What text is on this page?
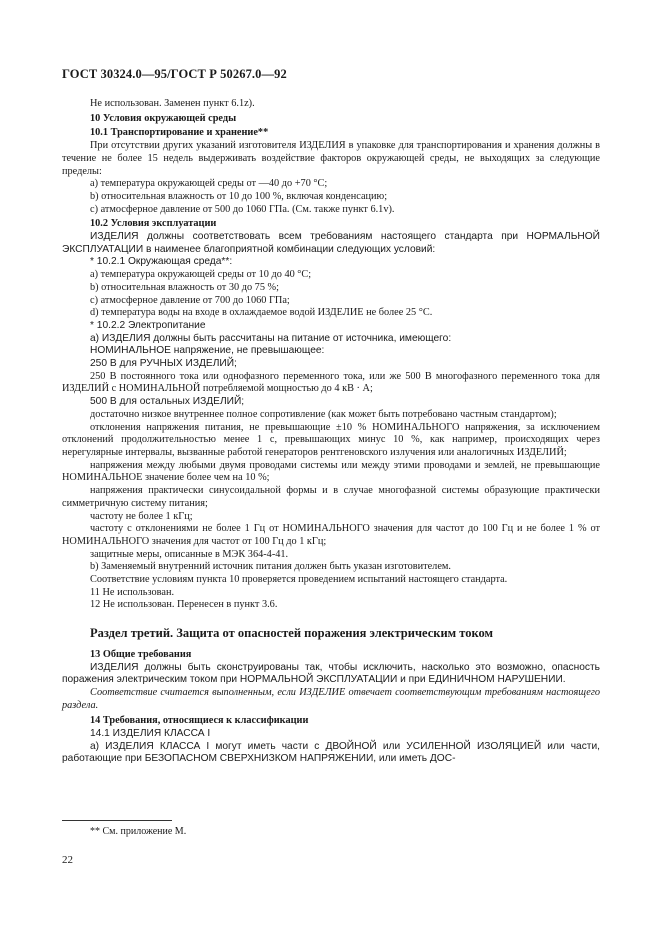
ГОСТ 30324.0—95/ГОСТ Р 50267.0—92

Не использован. Заменен пункт 6.1z).

10 Условия окружающей среды

10.1 Транспортирование и хранение**

При отсутствии других указаний изготовителя ИЗДЕЛИЯ в упаковке для транспортирования и хранения должны в течение не более 15 недель выдерживать воздействие факторов окружающей среды, не выходящих за следующие пределы:

а) температура окружающей среды от —40 до +70 °С;

b) относительная влажность от 10 до 100 %, включая конденсацию;

с) атмосферное давление от 500 до 1060 ГПа. (См. также пункт 6.1v).

10.2 Условия эксплуатации

ИЗДЕЛИЯ должны соответствовать всем требованиям настоящего стандарта при НОРМАЛЬНОЙ ЭКСПЛУАТАЦИИ в наименее благоприятной комбинации следующих условий:

* 10.2.1 Окружающая среда**:

а) температура окружающей среды от 10 до 40 °С;

b) относительная влажность от 30 до 75 %;

с) атмосферное давление от 700 до 1060 ГПа;

d) температура воды на входе в охлаждаемое водой ИЗДЕЛИЕ не более 25 °С.

* 10.2.2 Электропитание

а) ИЗДЕЛИЯ должны быть рассчитаны на питание от источника, имеющего:

НОМИНАЛЬНОЕ напряжение, не превышающее:

250 В для РУЧНЫХ ИЗДЕЛИЙ;

250 В постоянного тока или однофазного переменного тока, или же 500 В многофазного переменного тока для ИЗДЕЛИЙ с НОМИНАЛЬНОЙ потребляемой мощностью до 4 кВ · А;

500 В для остальных ИЗДЕЛИЙ;

достаточно низкое внутреннее полное сопротивление (как может быть потребовано частным стандартом);

отклонения напряжения питания, не превышающие ±10 % НОМИНАЛЬНОГО напряжения, за исключением отклонений продолжительностью менее 1 с, превышающих минус 10 %, как например, происходящих через нерегулярные интервалы, вызванные работой генераторов рентгеновского излучения или аналогичных ИЗДЕЛИЙ;

напряжения между любыми двумя проводами системы или между этими проводами и землей, не превышающие НОМИНАЛЬНОЕ значение более чем на 10 %;

напряжения практически синусоидальной формы и в случае многофазной системы образующие практически симметричную систему питания;

частоту не более 1 кГц;

частоту с отклонениями не более 1 Гц от НОМИНАЛЬНОГО значения для частот до 100 Гц и не более 1 % от НОМИНАЛЬНОГО значения для частот от 100 Гц до 1 кГц;

защитные меры, описанные в МЭК 364-4-41.

b) Заменяемый внутренний источник питания должен быть указан изготовителем.

Соответствие условиям пункта 10 проверяется проведением испытаний настоящего стандарта.

11 Не использован.

12 Не использован. Перенесен в пункт 3.6.

Раздел третий. Защита от опасностей поражения электрическим током

13 Общие требования

ИЗДЕЛИЯ должны быть сконструированы так, чтобы исключить, насколько это возможно, опасность поражения электрическим током при НОРМАЛЬНОЙ ЭКСПЛУАТАЦИИ и при ЕДИНИЧНОМ НАРУШЕНИИ.

Соответствие считается выполненным, если ИЗДЕЛИЕ отвечает соответствующим требованиям настоящего раздела.

14 Требования, относящиеся к классификации

14.1 ИЗДЕЛИЯ КЛАССА I

а) ИЗДЕЛИЯ КЛАССА I могут иметь части с ДВОЙНОЙ или УСИЛЕННОЙ ИЗОЛЯЦИЕЙ или части, работающие при БЕЗОПАСНОМ СВЕРХНИЗКОМ НАПРЯЖЕНИИ, или иметь ДОС-

** См. приложение М.
22
